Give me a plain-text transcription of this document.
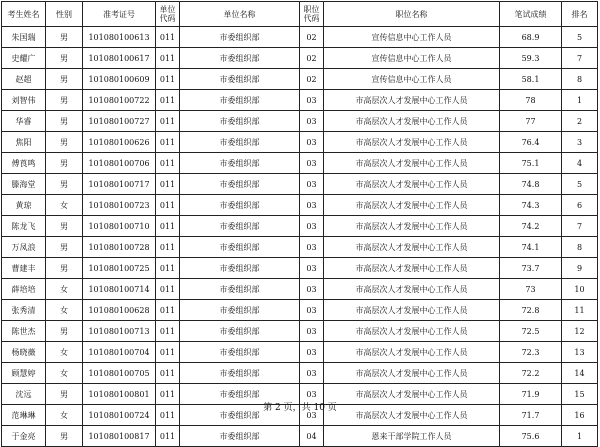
考生姓名	性别	准考证号	单位代码	单位名称	职位代码	职位名称	笔试成绩	排名
朱国瑞	男	101080100613	011	市委组织部	02	宣传信息中心工作人员	68.9	5
史耀广	男	101080100617	011	市委组织部	02	宣传信息中心工作人员	59.3	7
赵超	男	101080100609	011	市委组织部	02	宣传信息中心工作人员	58.1	8
刘智伟	男	101080100722	011	市委组织部	03	市高层次人才发展中心工作人员	78	1
华睿	男	101080100727	011	市委组织部	03	市高层次人才发展中心工作人员	77	2
焦阳	男	101080100626	011	市委组织部	03	市高层次人才发展中心工作人员	76.4	3
傅莨鸣	男	101080100706	011	市委组织部	03	市高层次人才发展中心工作人员	75.1	4
滕海堂	男	101080100717	011	市委组织部	03	市高层次人才发展中心工作人员	74.8	5
黄琼	女	101080100723	011	市委组织部	03	市高层次人才发展中心工作人员	74.3	6
陈龙飞	男	101080100710	011	市委组织部	03	市高层次人才发展中心工作人员	74.2	7
万凤浪	男	101080100728	011	市委组织部	03	市高层次人才发展中心工作人员	74.1	8
曹建丰	男	101080100725	011	市委组织部	03	市高层次人才发展中心工作人员	73.7	9
薛培培	女	101080100714	011	市委组织部	03	市高层次人才发展中心工作人员	73	10
张秀清	女	101080100628	011	市委组织部	03	市高层次人才发展中心工作人员	72.8	11
陈世杰	男	101080100713	011	市委组织部	03	市高层次人才发展中心工作人员	72.5	12
杨晓薇	女	101080100704	011	市委组织部	03	市高层次人才发展中心工作人员	72.3	13
顾慧婷	女	101080100705	011	市委组织部	03	市高层次人才发展中心工作人员	72.2	14
沈远	男	101080100801	011	市委组织部	03	市高层次人才发展中心工作人员	71.9	15
范琳琳	女	101080100724	011	市委组织部	03	市高层次人才发展中心工作人员	71.7	16
于金亮	男	101080100817	011	市委组织部	04	恩来干部学院工作人员	75.6	1
第 2 页，共 10 页
